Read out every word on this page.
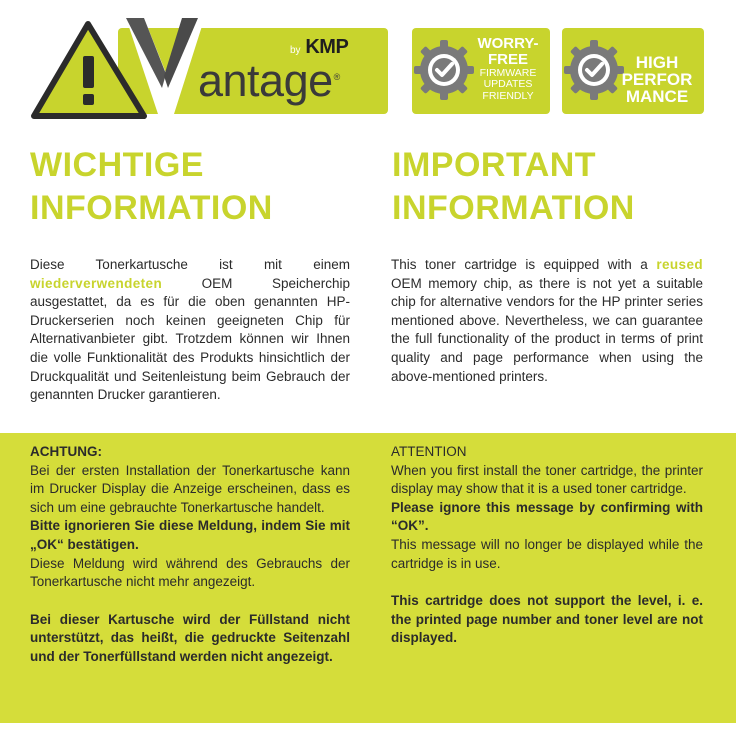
by KMP
antage®
WORRY-
FREE
FIRMWARE
UPDATES
FRIENDLY
HIGH
PERFOR
MANCE
WICHTIGE
INFORMATION
IMPORTANT
INFORMATION

Diese Tonerkartusche ist mit einem wiederverwendeten	OEM Speicherchip ausgestattet, da es für die oben genannten HP-Druckerserien noch keinen geeigneten Chip für Alternativanbieter gibt. Trotzdem können wir Ihnen die volle Funktionalität des Produkts hinsichtlich der Druckqualität und Seitenleistung beim Gebrauch der genannten Drucker garantieren.

This toner cartridge is equipped with a reused OEM memory chip, as there is not yet a suitable chip for alternative vendors for the HP printer series mentioned above. Nevertheless, we can guarantee the full functionality of the product in terms of print quality and page performance when using the above-mentioned printers.

ACHTUNG:

Bei der ersten Installation der Tonerkartusche kann im Drucker Display die Anzeige erscheinen, dass es sich um eine gebrauchte Tonerkartusche handelt.

Bitte ignorieren Sie diese Meldung, indem Sie mit „OK“ bestätigen.

Diese Meldung wird während des Gebrauchs der Tonerkartusche nicht mehr angezeigt.

Bei dieser Kartusche wird der Füllstand nicht unterstützt, das heißt, die gedruckte Seitenzahl und der Tonerfüllstand werden nicht angezeigt.

ATTENTION

When you first install the toner cartridge, the printer display may show that it is a used toner cartridge.

Please ignore this message by confirming with “OK”.

This message will no longer be displayed while the cartridge is in use.

This cartridge does not support the level, i. e. the printed page number and toner level are not displayed.
